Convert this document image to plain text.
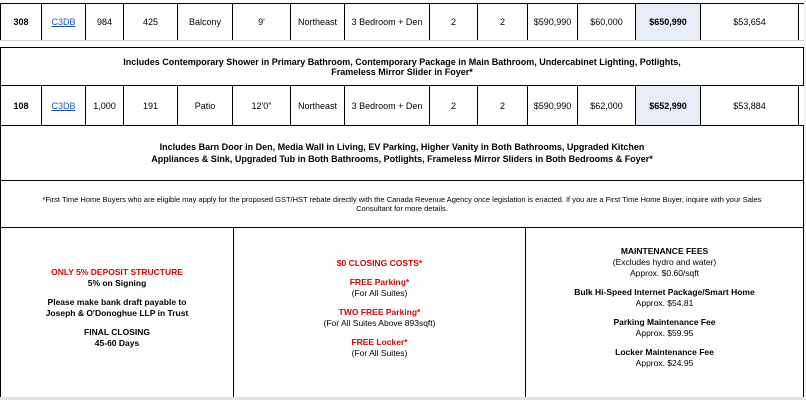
308	C3DB	984	425	Balcony	9'	Northeast	3 Bedroom + Den	2	2	$590,990	$60,000	$650,990	$53,654
Includes Contemporary Shower in Primary Bathroom, Contemporary Package in Main Bathroom, Undercabinet Lighting, Potlights, Frameless Mirror Slider in Foyer*
108	C3DB	1,000	191	Patio	12'0"	Northeast	3 Bedroom + Den	2	2	$590,990	$62,000	$652,990	$53,884
Includes Barn Door in Den, Media Wall in Living, EV Parking, Higher Vanity in Both Bathrooms, Upgraded Kitchen Appliances & Sink, Upgraded Tub in Both Bathrooms, Potlights, Frameless Mirror Sliders in Both Bedrooms & Foyer*
*First Time Home Buyers who are eligible may apply for the proposed GST/HST rebate directly with the Canada Revenue Agency once legislation is enacted. If you are a First Time Home Buyer, inquire with your Sales Consultant for more details.
ONLY 5% DEPOSIT STRUCTURE
5% on Signing
Please make bank draft payable to
Joseph & O'Donoghue LLP in Trust
FINAL CLOSING
45-60 Days
$0 CLOSING COSTS*
FREE Parking*
(For All Suites)
TWO FREE Parking*
(For All Suites Above 893sqft)
FREE Locker*
(For All Suites)
MAINTENANCE FEES
(Excludes hydro and water)
Approx. $0.60/sqft
Bulk Hi-Speed Internet Package/Smart Home
Approx. $54.81
Parking Maintenance Fee
Approx. $59.95
Locker Maintenance Fee
Approx. $24.95
